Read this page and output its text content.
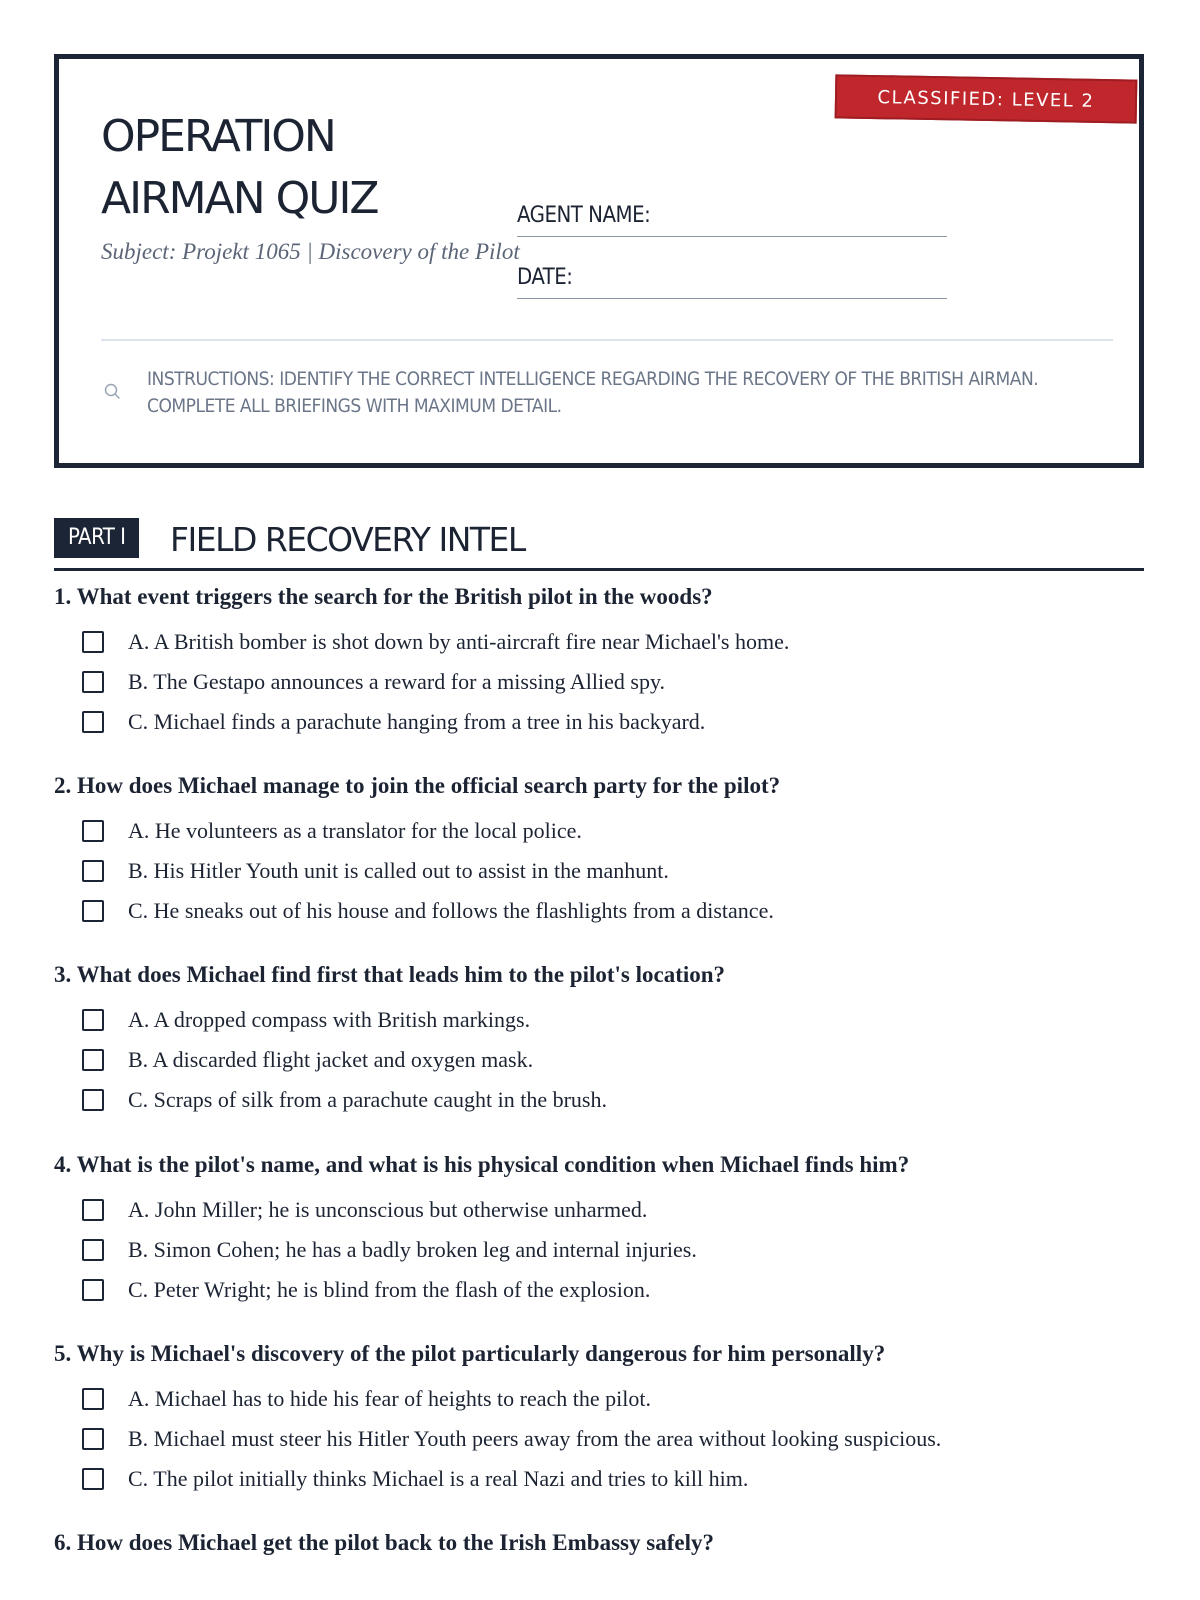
CLASSIFIED: LEVEL 2
OPERATION
AIRMAN QUIZ
Subject: Projekt 1065 | Discovery of the Pilot
AGENT NAME:
DATE:
INSTRUCTIONS: IDENTIFY THE CORRECT INTELLIGENCE REGARDING THE RECOVERY OF THE BRITISH AIRMAN. COMPLETE ALL BRIEFINGS WITH MAXIMUM DETAIL.
PART I	FIELD RECOVERY INTEL
1. What event triggers the search for the British pilot in the woods?
A. A British bomber is shot down by anti-aircraft fire near Michael's home.
B. The Gestapo announces a reward for a missing Allied spy.
C. Michael finds a parachute hanging from a tree in his backyard.
2. How does Michael manage to join the official search party for the pilot?
A. He volunteers as a translator for the local police.
B. His Hitler Youth unit is called out to assist in the manhunt.
C. He sneaks out of his house and follows the flashlights from a distance.
3. What does Michael find first that leads him to the pilot's location?
A. A dropped compass with British markings.
B. A discarded flight jacket and oxygen mask.
C. Scraps of silk from a parachute caught in the brush.
4. What is the pilot's name, and what is his physical condition when Michael finds him?
A. John Miller; he is unconscious but otherwise unharmed.
B. Simon Cohen; he has a badly broken leg and internal injuries.
C. Peter Wright; he is blind from the flash of the explosion.
5. Why is Michael's discovery of the pilot particularly dangerous for him personally?
A. Michael has to hide his fear of heights to reach the pilot.
B. Michael must steer his Hitler Youth peers away from the area without looking suspicious.
C. The pilot initially thinks Michael is a real Nazi and tries to kill him.
6. How does Michael get the pilot back to the Irish Embassy safely?
